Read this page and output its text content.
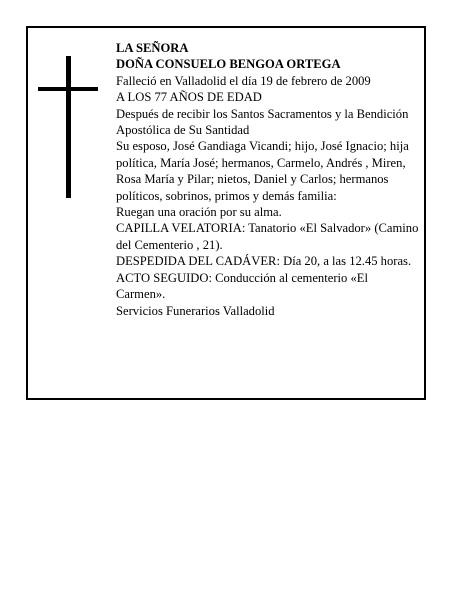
LA SEÑORA

DOÑA CONSUELO BENGOA ORTEGA

Falleció en Valladolid el día 19 de febrero de 2009

A LOS 77 AÑOS DE EDAD

Después de recibir los Santos Sacramentos y la Bendición Apostólica de Su Santidad

Su esposo, José Gandiaga Vicandi; hijo, José Ignacio; hija política, María José; hermanos, Carmelo, Andrés , Miren, Rosa María y Pilar; nietos, Daniel y Carlos; hermanos políticos, sobrinos, primos y demás familia:

Ruegan una oración por su alma.

CAPILLA VELATORIA: Tanatorio «El Salvador» (Camino del Cementerio , 21).

DESPEDIDA DEL CADÁVER: Día 20, a las 12.45 horas.

ACTO SEGUIDO: Conducción al cementerio «El Carmen».

Servicios Funerarios Valladolid
